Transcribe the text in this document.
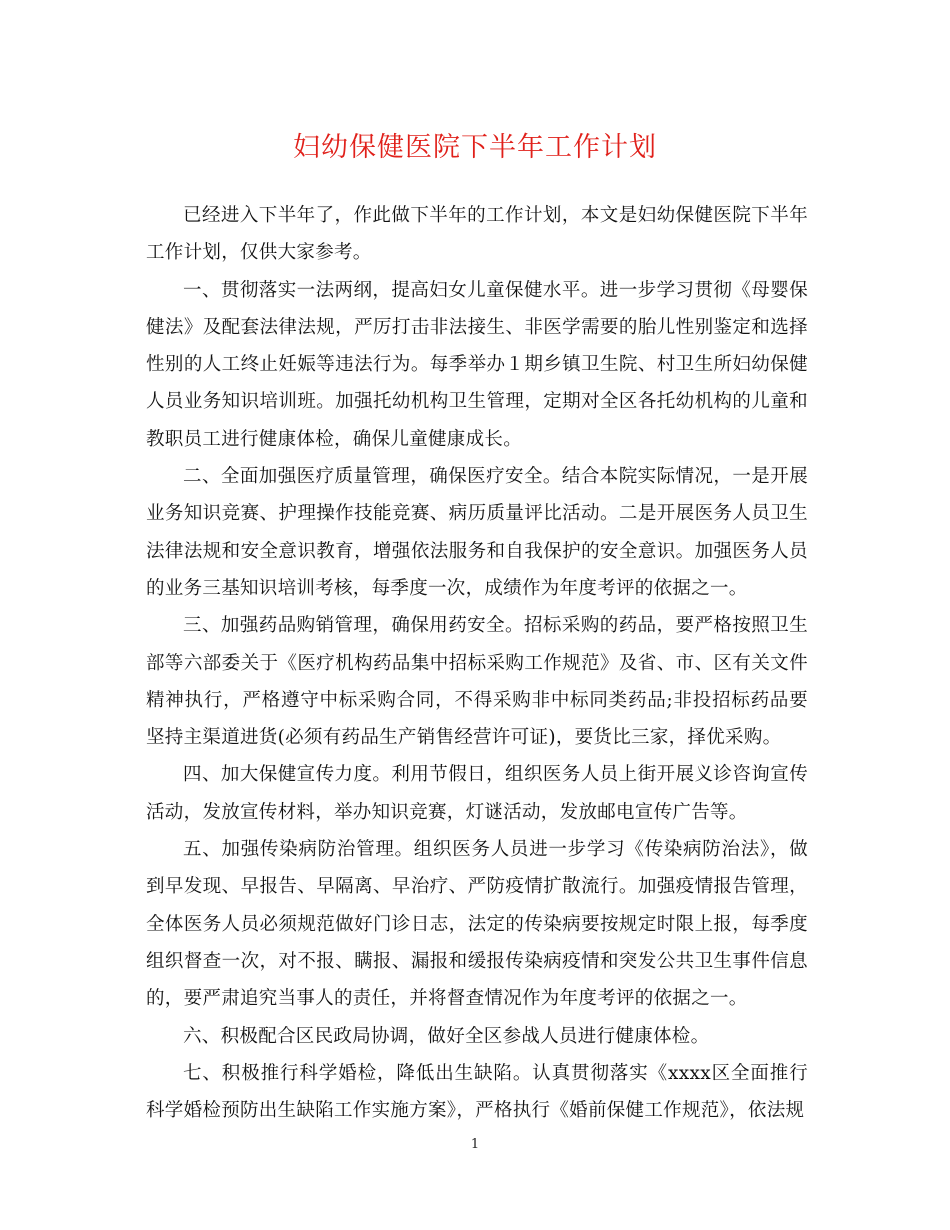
妇幼保健医院下半年工作计划

已经进入下半年了，作此做下半年的工作计划，本文是妇幼保健医院下半年工作计划，仅供大家参考。

一、贯彻落实一法两纲，提高妇女儿童保健水平。进一步学习贯彻《母婴保健法》及配套法律法规，严厉打击非法接生、非医学需要的胎儿性别鉴定和选择性别的人工终止妊娠等违法行为。每季举办１期乡镇卫生院、村卫生所妇幼保健人员业务知识培训班。加强托幼机构卫生管理，定期对全区各托幼机构的儿童和教职员工进行健康体检，确保儿童健康成长。

二、全面加强医疗质量管理，确保医疗安全。结合本院实际情况，一是开展业务知识竞赛、护理操作技能竞赛、病历质量评比活动。二是开展医务人员卫生法律法规和安全意识教育，增强依法服务和自我保护的安全意识。加强医务人员的业务三基知识培训考核，每季度一次，成绩作为年度考评的依据之一。

三、加强药品购销管理，确保用药安全。招标采购的药品，要严格按照卫生部等六部委关于《医疗机构药品集中招标采购工作规范》及省、市、区有关文件精神执行，严格遵守中标采购合同，不得采购非中标同类药品;非投招标药品要坚持主渠道进货(必须有药品生产销售经营许可证)，要货比三家，择优采购。

四、加大保健宣传力度。利用节假日，组织医务人员上街开展义诊咨询宣传活动，发放宣传材料，举办知识竞赛，灯谜活动，发放邮电宣传广告等。

五、加强传染病防治管理。组织医务人员进一步学习《传染病防治法》，做到早发现、早报告、早隔离、早治疗、严防疫情扩散流行。加强疫情报告管理，全体医务人员必须规范做好门诊日志，法定的传染病要按规定时限上报，每季度组织督查一次，对不报、瞒报、漏报和缓报传染病疫情和突发公共卫生事件信息的，要严肃追究当事人的责任，并将督查情况作为年度考评的依据之一。

六、积极配合区民政局协调，做好全区参战人员进行健康体检。

七、积极推行科学婚检，降低出生缺陷。认真贯彻落实《xxxx区全面推行科学婚检预防出生缺陷工作实施方案》，严格执行《婚前保健工作规范》，依法规

1
